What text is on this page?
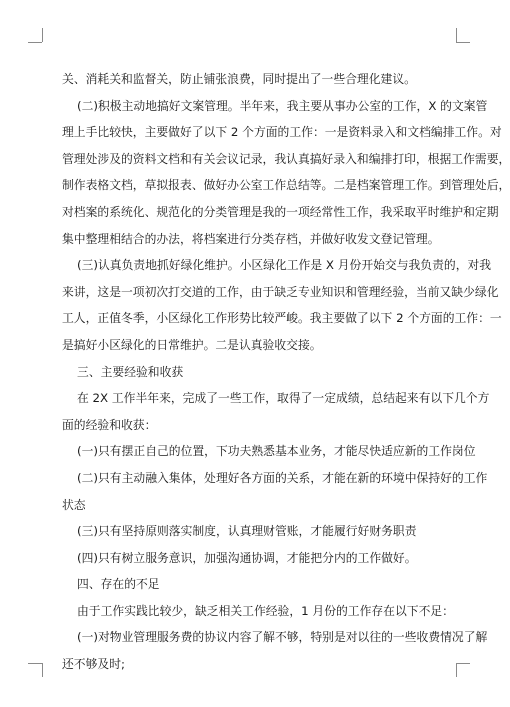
关、消耗关和监督关，防止铺张浪费，同时提出了一些合理化建议。
(二)积极主动地搞好文案管理。半年来，我主要从事办公室的工作，X 的文案管
理上手比较快，主要做好了以下 2 个方面的工作：一是资料录入和文档编排工作。对
管理处涉及的资料文档和有关会议记录，我认真搞好录入和编排打印，根据工作需要，
制作表格文档，草拟报表、做好办公室工作总结等。二是档案管理工作。到管理处后，
对档案的系统化、规范化的分类管理是我的一项经常性工作，我采取平时维护和定期
集中整理相结合的办法，将档案进行分类存档，并做好收发文登记管理。
(三)认真负责地抓好绿化维护。小区绿化工作是 X 月份开始交与我负责的，对我
来讲，这是一项初次打交道的工作，由于缺乏专业知识和管理经验，当前又缺少绿化
工人，正值冬季，小区绿化工作形势比较严峻。我主要做了以下 2 个方面的工作：一
是搞好小区绿化的日常维护。二是认真验收交接。
三、主要经验和收获
在 2X 工作半年来，完成了一些工作，取得了一定成绩，总结起来有以下几个方
面的经验和收获：
(一)只有摆正自己的位置，下功夫熟悉基本业务，才能尽快适应新的工作岗位
(二)只有主动融入集体，处理好各方面的关系，才能在新的环境中保持好的工作
状态
(三)只有坚持原则落实制度，认真理财管账，才能履行好财务职责
(四)只有树立服务意识，加强沟通协调，才能把分内的工作做好。
四、存在的不足
由于工作实践比较少，缺乏相关工作经验，1 月份的工作存在以下不足：
(一)对物业管理服务费的协议内容了解不够，特别是对以往的一些收费情况了解
还不够及时;
